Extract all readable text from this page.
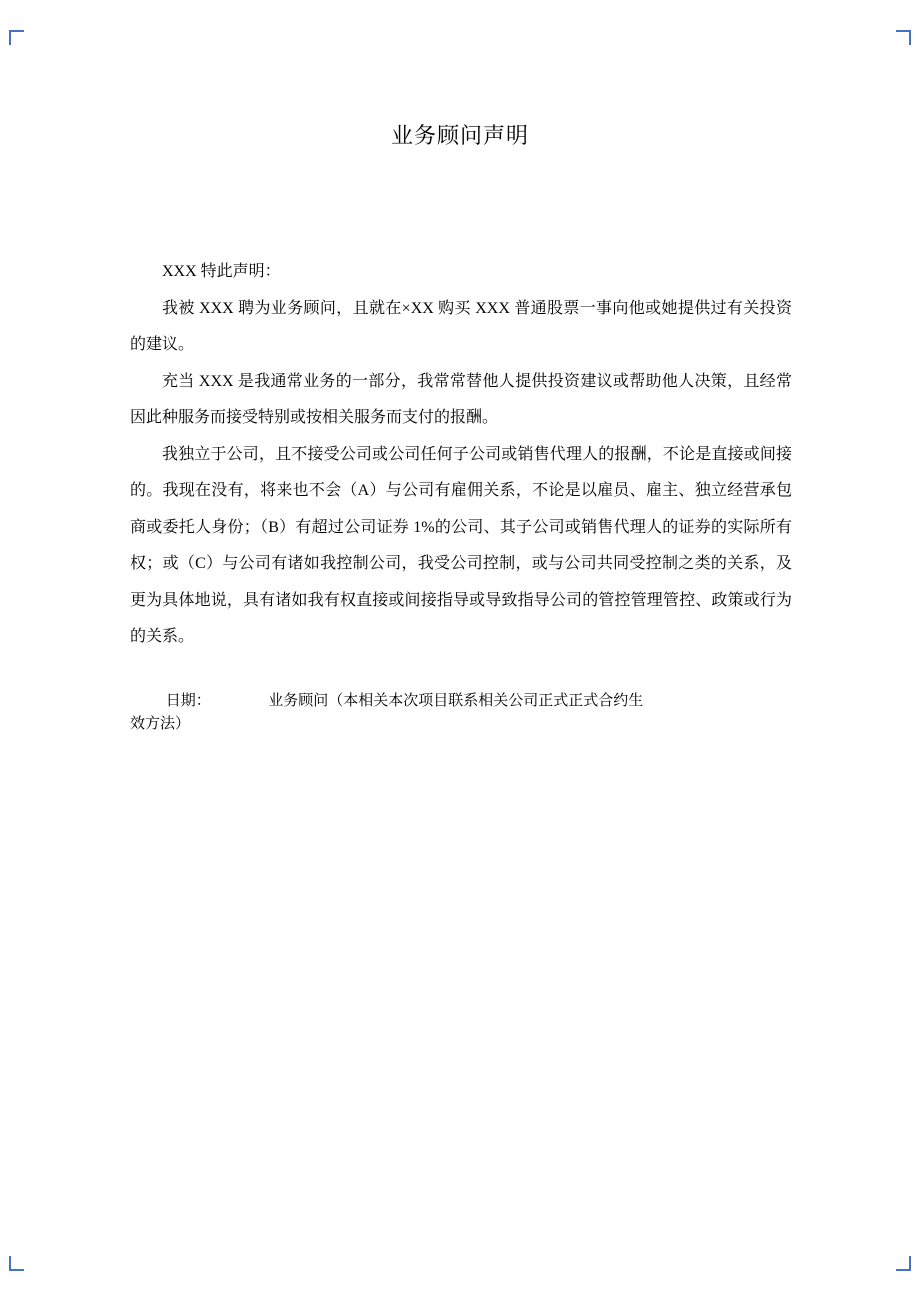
业务顾问声明

XXX 特此声明：

我被 XXX 聘为业务顾问，且就在×XX 购买 XXX 普通股票一事向他或她提供过有关投资的建议。

充当 XXX 是我通常业务的一部分，我常常替他人提供投资建议或帮助他人决策，且经常因此种服务而接受特别或按相关服务而支付的报酬。

我独立于公司，且不接受公司或公司任何子公司或销售代理人的报酬，不论是直接或间接的。我现在没有，将来也不会（A）与公司有雇佣关系，不论是以雇员、雇主、独立经营承包商或委托人身份；（B）有超过公司证券 1%的公司、其子公司或销售代理人的证券的实际所有权；或（C）与公司有诸如我控制公司，我受公司控制，或与公司共同受控制之类的关系，及更为具体地说，具有诸如我有权直接或间接指导或导致指导公司的管控管理管控、政策或行为的关系。

日期：	业务顾问（本相关本次项目联系相关公司正式正式合约生
效方法）
